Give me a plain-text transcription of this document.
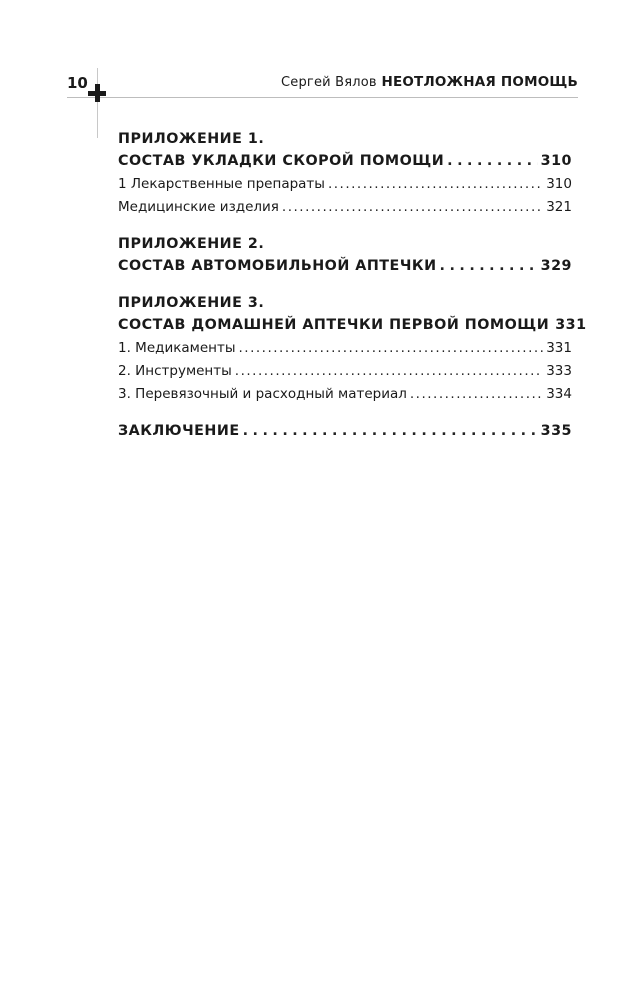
10	Сергей Вялов НЕОТЛОЖНАЯ ПОМОЩЬ
ПРИЛОЖЕНИЕ 1.
СОСТАВ УКЛАДКИ СКОРОЙ ПОМОЩИ .....	310
1 Лекарственные препараты .....	310
Медицинские изделия .....	321
ПРИЛОЖЕНИЕ 2.
СОСТАВ АВТОМОБИЛЬНОЙ АПТЕЧКИ .....	329
ПРИЛОЖЕНИЕ 3.
СОСТАВ ДОМАШНЕЙ АПТЕЧКИ ПЕРВОЙ ПОМОЩИ 331
1. Медикаменты .....	331
2. Инструменты .....	333
3. Перевязочный и расходный материал .....	334
ЗАКЛЮЧЕНИЕ .....	335
